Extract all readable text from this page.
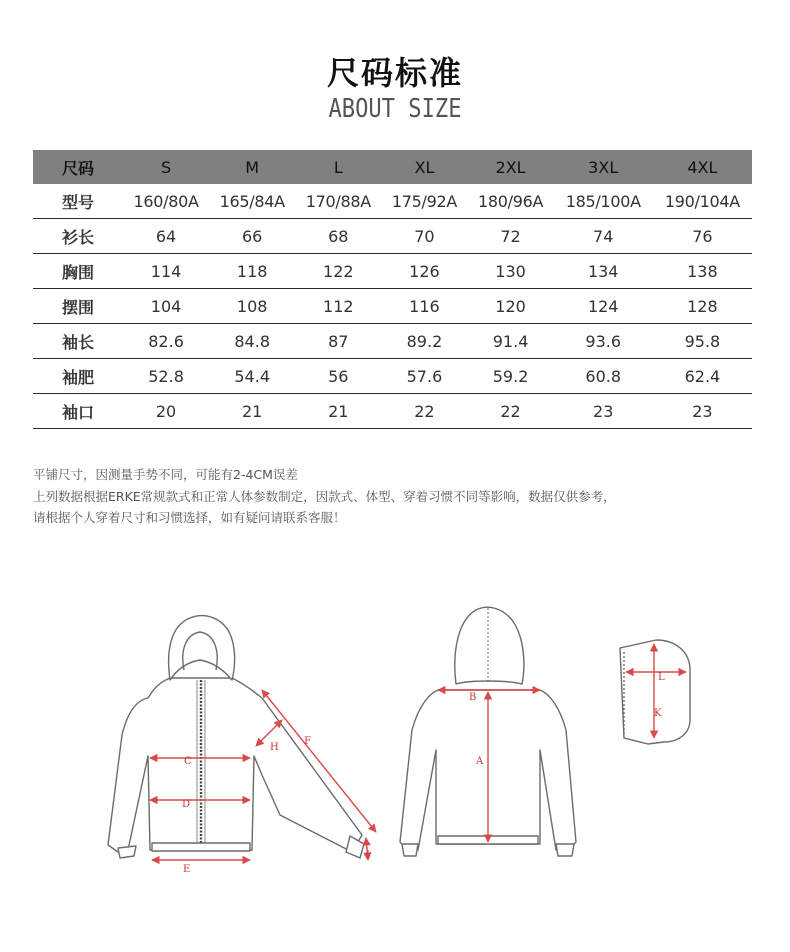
尺码标准
ABOUT SIZE
尺码	S	M	L	XL	2XL	3XL	4XL
型号	160/80A	165/84A	170/88A	175/92A	180/96A	185/100A	190/104A
衫长	64	66	68	70	72	74	76
胸围	114	118	122	126	130	134	138
摆围	104	108	112	116	120	124	128
袖长	82.6	84.8	87	89.2	91.4	93.6	95.8
袖肥	52.8	54.4	56	57.6	59.2	60.8	62.4
袖口	20	21	21	22	22	23	23
平铺尺寸，因测量手势不同，可能有2-4CM误差
上列数据根据ERKE常规款式和正常人体参数制定，因款式、体型、穿着习惯不同等影响，数据仅供参考，
请根据个人穿着尺寸和习惯选择，如有疑问请联系客服！
C
D
E
F
H
I
B
A
L
K
